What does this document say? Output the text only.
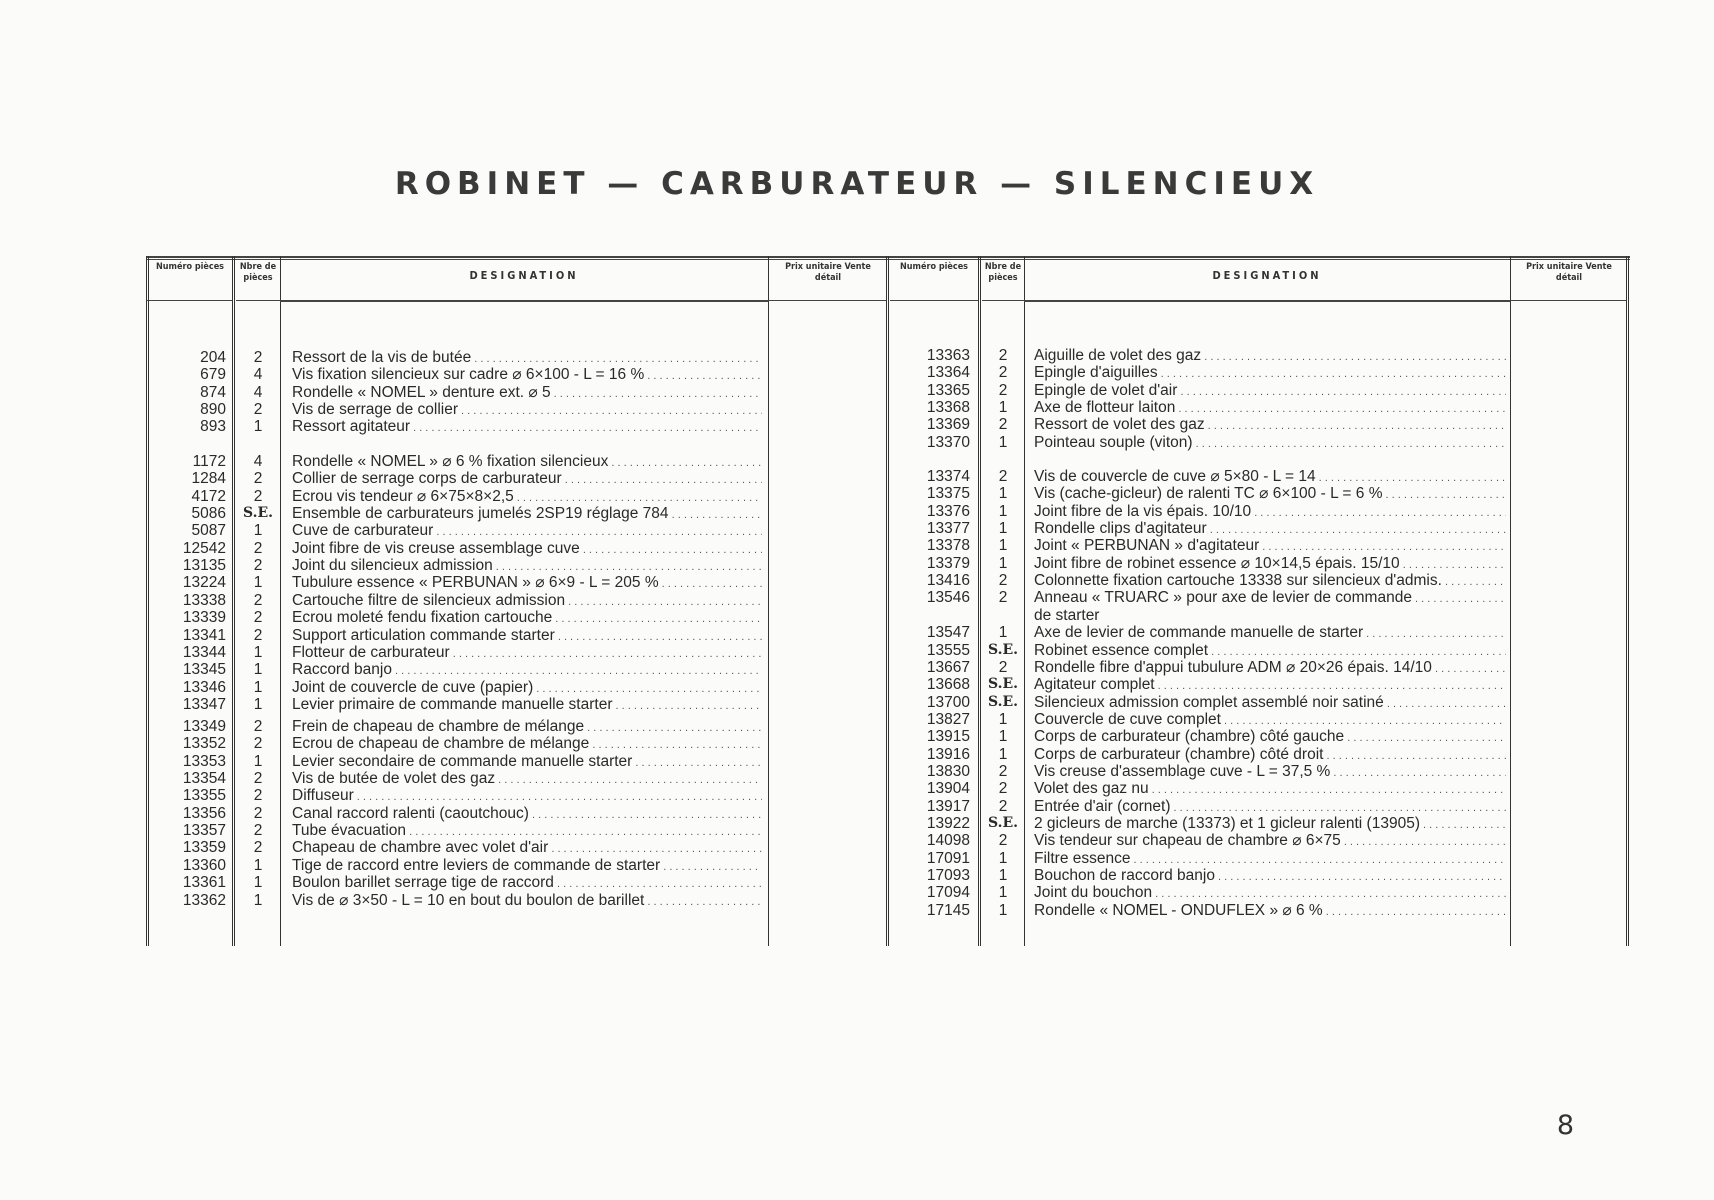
ROBINET — CARBURATEUR — SILENCIEUX
Numéro pièces	Nbre de pièces	DESIGNATION
Prix unitaire Vente détail
Numéro pièces	Nbre de pièces	DESIGNATION
Prix unitaire Vente détail
204	2	Ressort de la vis de butée . . .
679	4	Vis fixation silencieux sur cadre ⌀ 6×100 - L = 16 % . . .
874	4	Rondelle « NOMEL » denture ext. ⌀ 5 . . .
890	2	Vis de serrage de collier . . .
893	1	Ressort agitateur . . .
1172	4	Rondelle « NOMEL » ⌀ 6 % fixation silencieux . . .
1284	2	Collier de serrage corps de carburateur . . .
4172	2	Ecrou vis tendeur ⌀ 6×75×8×2,5 . . .
5086	S.E.	Ensemble de carburateurs jumelés 2SP19 réglage 784 . . .
5087	1	Cuve de carburateur . . .
12542	2	Joint fibre de vis creuse assemblage cuve . . .
13135	2	Joint du silencieux admission . . .
13224	1	Tubulure essence « PERBUNAN » ⌀ 6×9 - L = 205 % . . .
13338	2	Cartouche filtre de silencieux admission . . .
13339	2	Ecrou moleté fendu fixation cartouche . . .
13341	2	Support articulation commande starter . . .
13344	1	Flotteur de carburateur . . .
13345	1	Raccord banjo . . .
13346	1	Joint de couvercle de cuve (papier) . . .
13347	1	Levier primaire de commande manuelle starter . . .
13349	2	Frein de chapeau de chambre de mélange . . .
13352	2	Ecrou de chapeau de chambre de mélange . . .
13353	1	Levier secondaire de commande manuelle starter . . .
13354	2	Vis de butée de volet des gaz . . .
13355	2	Diffuseur . . .
13356	2	Canal raccord ralenti (caoutchouc) . . .
13357	2	Tube évacuation . . .
13359	2	Chapeau de chambre avec volet d'air . . .
13360	1	Tige de raccord entre leviers de commande de starter . . .
13361	1	Boulon barillet serrage tige de raccord . . .
13362	1	Vis de ⌀ 3×50 - L = 10 en bout du boulon de barillet . . .
13363	2	Aiguille de volet des gaz . . .
13364	2	Epingle d'aiguilles . . .
13365	2	Epingle de volet d'air . . .
13368	1	Axe de flotteur laiton . . .
13369	2	Ressort de volet des gaz . . .
13370	1	Pointeau souple (viton) . . .
13374	2	Vis de couvercle de cuve ⌀ 5×80 - L = 14 . . .
13375	1	Vis (cache-gicleur) de ralenti TC ⌀ 6×100 - L = 6 % . . .
13376	1	Joint fibre de la vis épais. 10/10 . . .
13377	1	Rondelle clips d'agitateur . . .
13378	1	Joint « PERBUNAN » d'agitateur . . .
13379	1	Joint fibre de robinet essence ⌀ 10×14,5 épais. 15/10 . . .
13416	2	Colonnette fixation cartouche 13338 sur silencieux d'admis. . . .
13546	2	Anneau « TRUARC » pour axe de levier de commande . . .
de starter
13547	1	Axe de levier de commande manuelle de starter . . .
13555	S.E.	Robinet essence complet . . .
13667	2	Rondelle fibre d'appui tubulure ADM ⌀ 20×26 épais. 14/10 . . .
13668	S.E.	Agitateur complet . . .
13700	S.E.	Silencieux admission complet assemblé noir satiné . . .
13827	1	Couvercle de cuve complet . . .
13915	1	Corps de carburateur (chambre) côté gauche . . .
13916	1	Corps de carburateur (chambre) côté droit . . .
13830	2	Vis creuse d'assemblage cuve - L = 37,5 % . . .
13904	2	Volet des gaz nu . . .
13917	2	Entrée d'air (cornet) . . .
13922	S.E.	2 gicleurs de marche (13373) et 1 gicleur ralenti (13905) . . .
14098	2	Vis tendeur sur chapeau de chambre ⌀ 6×75 . . .
17091	1	Filtre essence . . .
17093	1	Bouchon de raccord banjo . . .
17094	1	Joint du bouchon . . .
17145	1	Rondelle « NOMEL - ONDUFLEX » ⌀ 6 % . . .
8
